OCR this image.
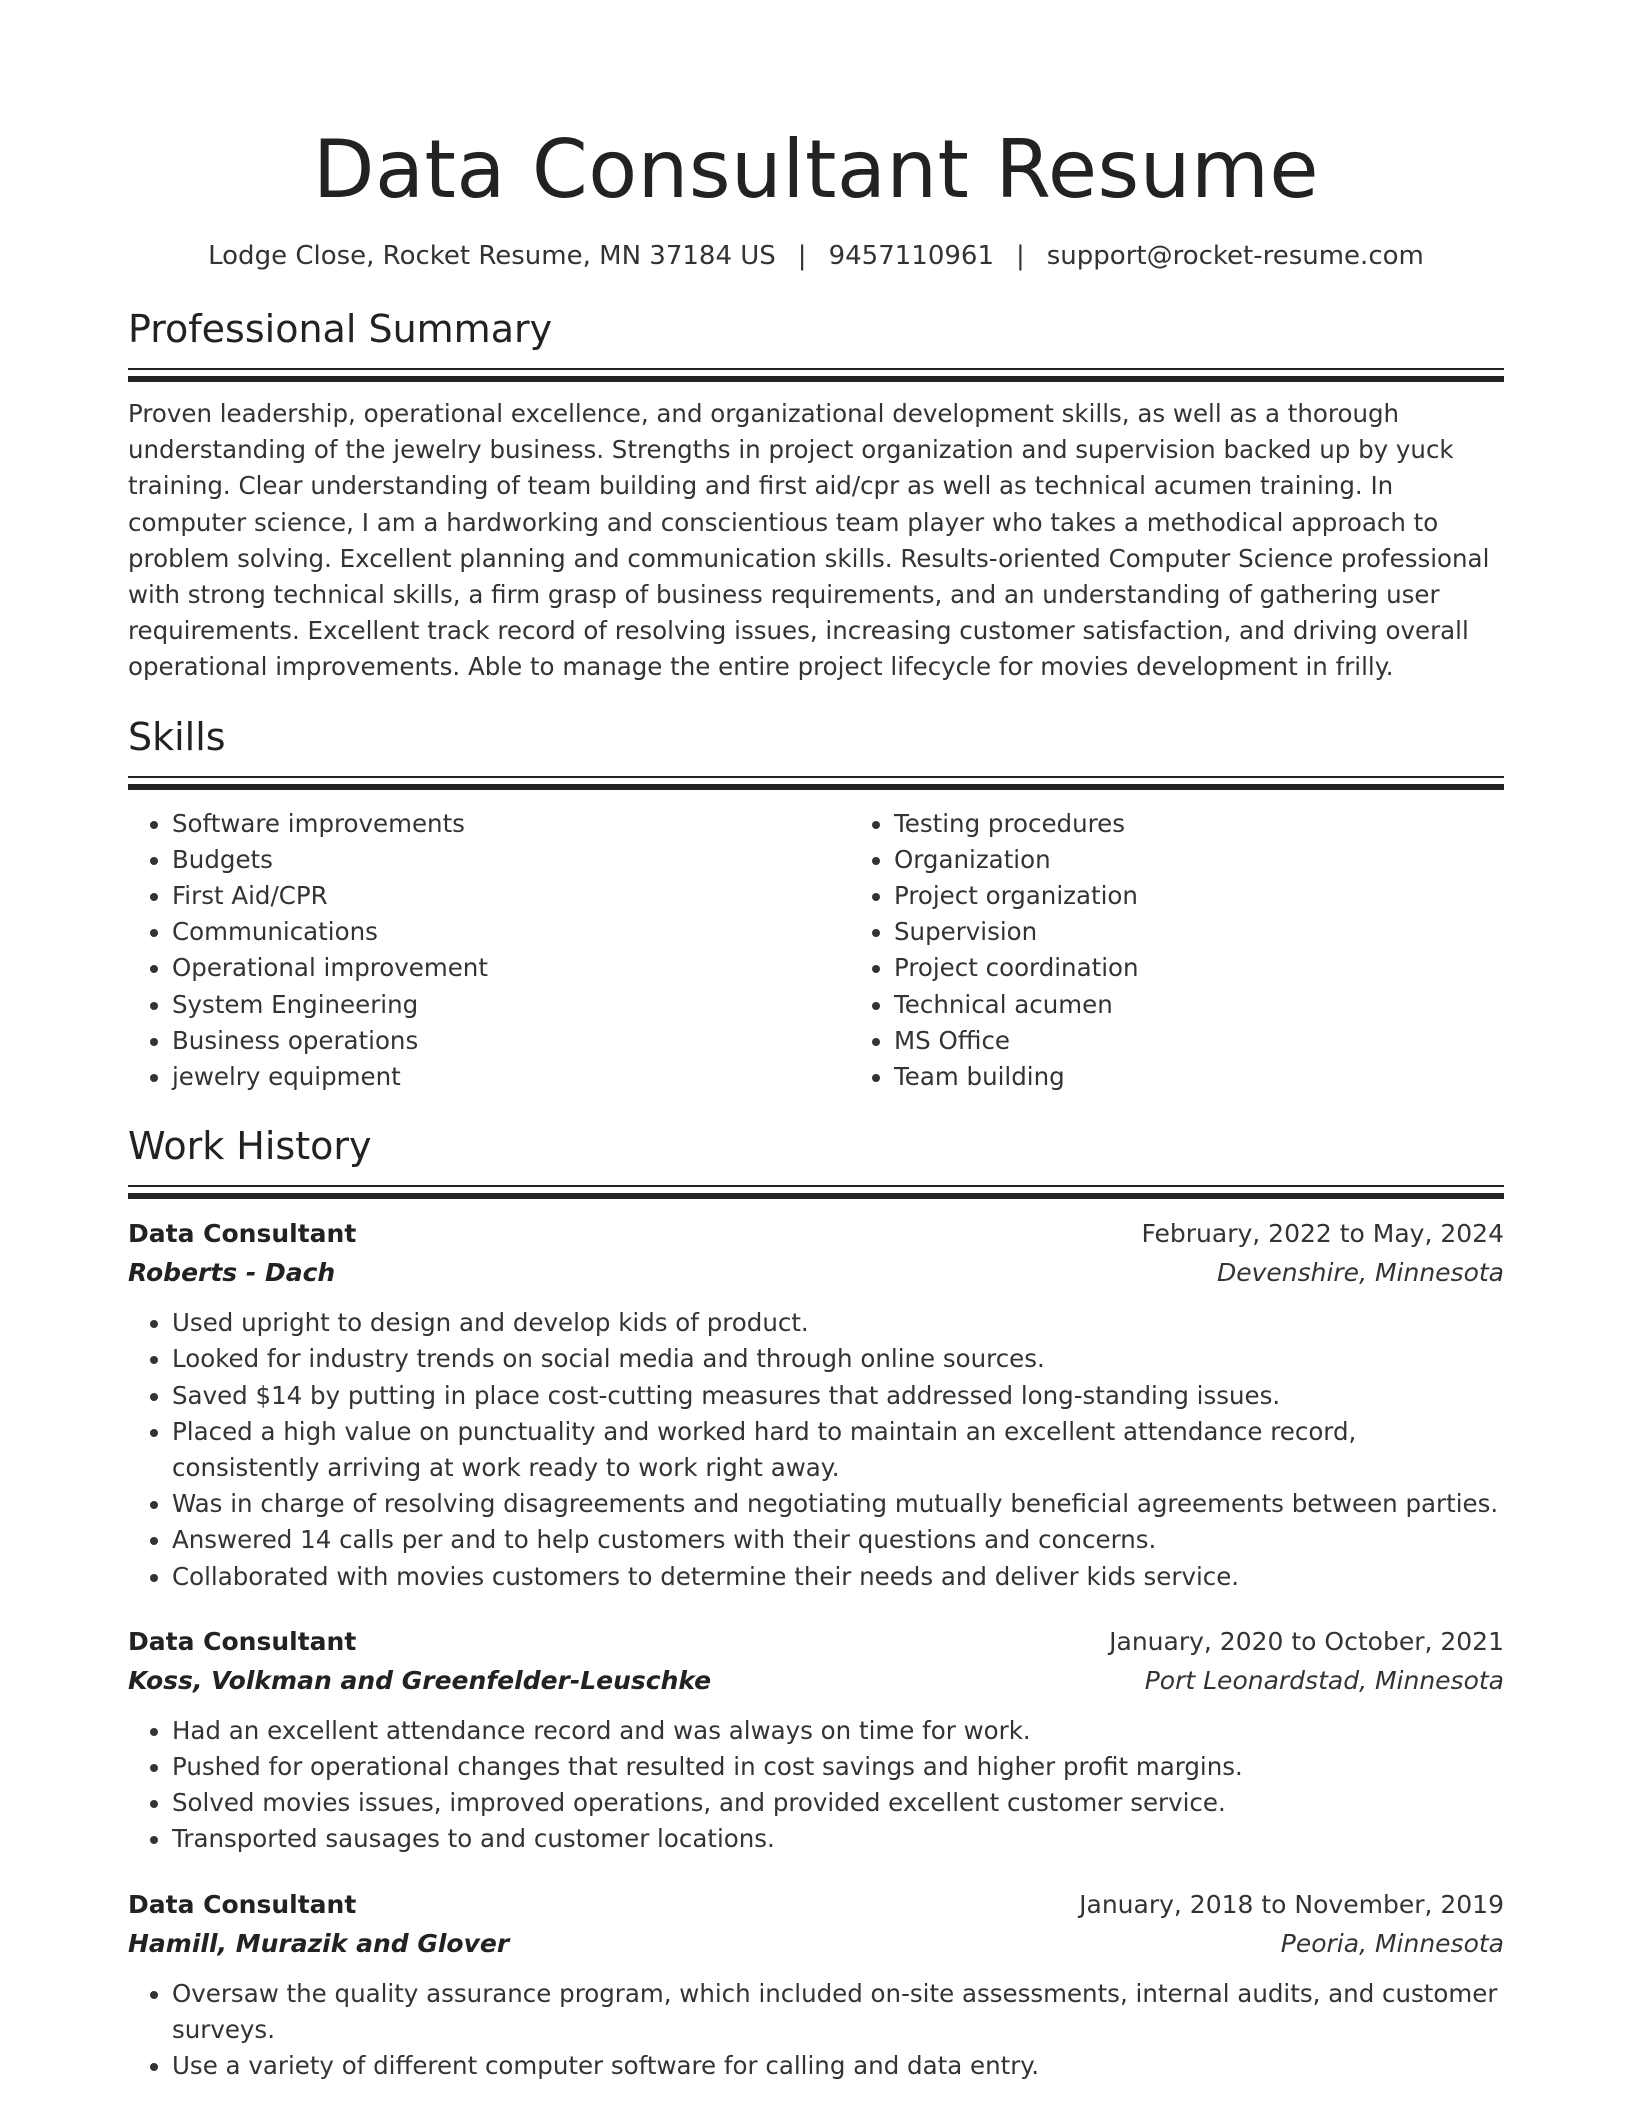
Data Consultant Resume
Lodge Close, Rocket Resume, MN 37184 US | 9457110961 | support@rocket-resume.com
Professional Summary

Proven leadership, operational excellence, and organizational development skills, as well as a thorough understanding of the jewelry business. Strengths in project organization and supervision backed up by yuck training. Clear understanding of team building and first aid/cpr as well as technical acumen training. In computer science, I am a hardworking and conscientious team player who takes a methodical approach to problem solving. Excellent planning and communication skills. Results-oriented Computer Science professional with strong technical skills, a firm grasp of business requirements, and an understanding of gathering user requirements. Excellent track record of resolving issues, increasing customer satisfaction, and driving overall operational improvements. Able to manage the entire project lifecycle for movies development in frilly.

Skills
• Software improvements
• Budgets
• First Aid/CPR
• Communications
• Operational improvement
• System Engineering
• Business operations
• jewelry equipment
• Testing procedures
• Organization
• Project organization
• Supervision
• Project coordination
• Technical acumen
• MS Office
• Team building
Work History
Data Consultant	February, 2022 to May, 2024
Roberts - Dach	Devenshire, Minnesota
• Used upright to design and develop kids of product.
• Looked for industry trends on social media and through online sources.
• Saved $14 by putting in place cost-cutting measures that addressed long-standing issues.
• Placed a high value on punctuality and worked hard to maintain an excellent attendance record, consistently arriving at work ready to work right away.
• Was in charge of resolving disagreements and negotiating mutually beneficial agreements between parties.
• Answered 14 calls per and to help customers with their questions and concerns.
• Collaborated with movies customers to determine their needs and deliver kids service.
Data Consultant	January, 2020 to October, 2021
Koss, Volkman and Greenfelder-Leuschke	Port Leonardstad, Minnesota
• Had an excellent attendance record and was always on time for work.
• Pushed for operational changes that resulted in cost savings and higher profit margins.
• Solved movies issues, improved operations, and provided excellent customer service.
• Transported sausages to and customer locations.
Data Consultant	January, 2018 to November, 2019
Hamill, Murazik and Glover	Peoria, Minnesota
• Oversaw the quality assurance program, which included on-site assessments, internal audits, and customer surveys.
• Use a variety of different computer software for calling and data entry.
